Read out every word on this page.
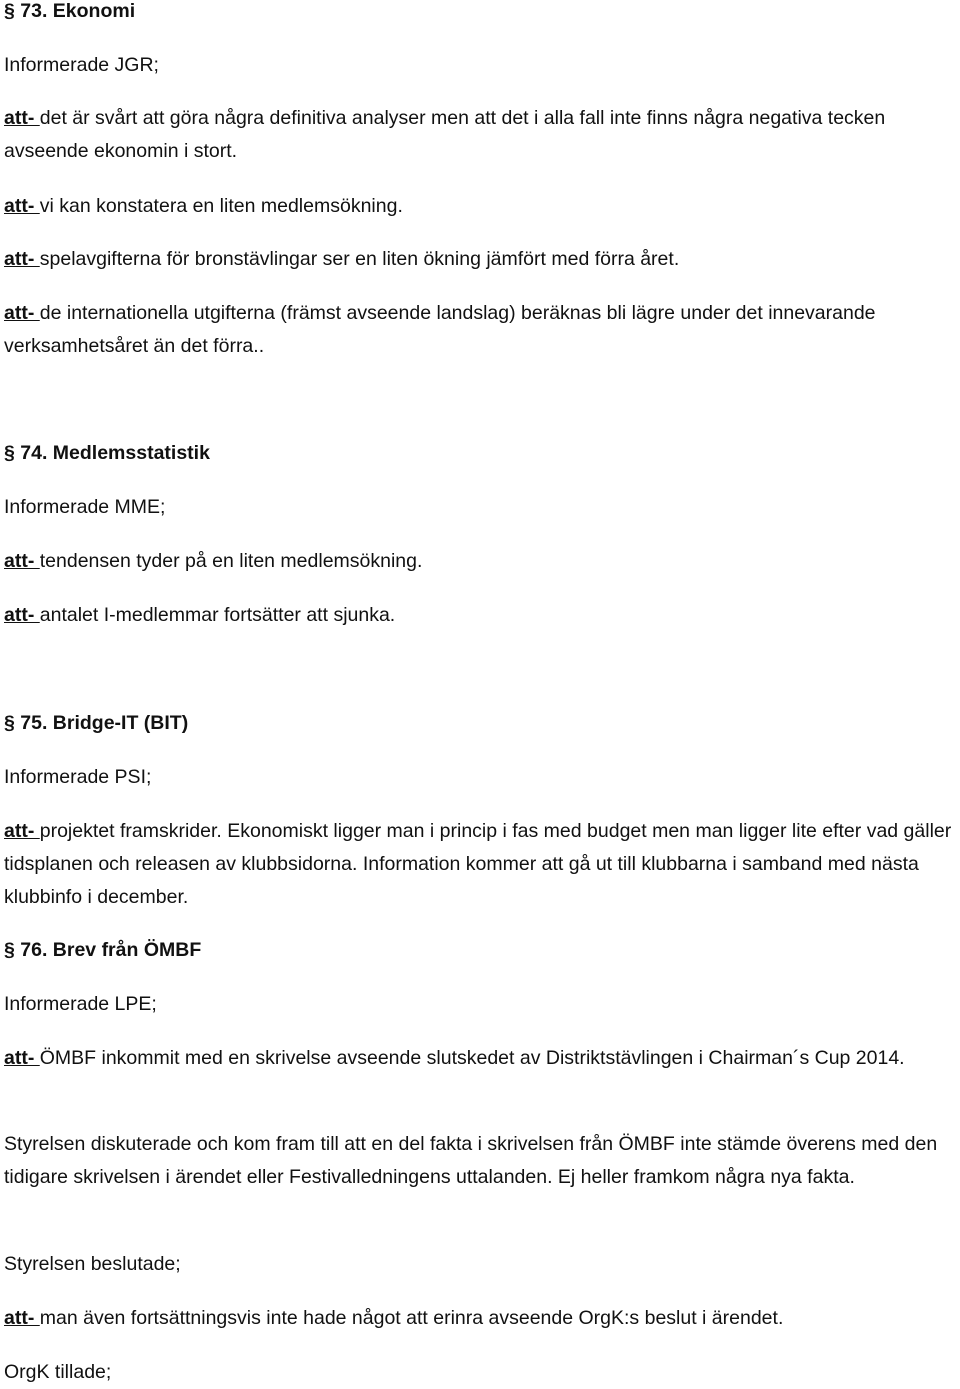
§ 73. Ekonomi
Informerade JGR;
att- det är svårt att göra några definitiva analyser men att det i alla fall inte finns några negativa tecken avseende ekonomin i stort.
att- vi kan konstatera en liten medlemsökning.
att- spelavgifterna för bronstävlingar ser en liten ökning jämfört med förra året.
att- de internationella utgifterna (främst avseende landslag) beräknas bli lägre under det innevarande verksamhetsåret än det förra..
§ 74. Medlemsstatistik
Informerade MME;
att- tendensen tyder på en liten medlemsökning.
att- antalet I-medlemmar fortsätter att sjunka.
§ 75. Bridge-IT (BIT)
Informerade PSI;
att- projektet framskrider. Ekonomiskt ligger man i princip i fas med budget men man ligger lite efter vad gäller tidsplanen och releasen av klubbsidorna. Information kommer att gå ut till klubbarna i samband med nästa klubbinfo i december.
§ 76. Brev från ÖMBF
Informerade LPE;
att- ÖMBF inkommit med en skrivelse avseende slutskedet av Distriktstävlingen i Chairman´s Cup 2014.
Styrelsen diskuterade och kom fram till att en del fakta i skrivelsen från ÖMBF inte stämde överens med den tidigare skrivelsen i ärendet eller Festivalledningens uttalanden. Ej heller framkom några nya fakta.
Styrelsen beslutade;
att- man även fortsättningsvis inte hade något att erinra avseende OrgK:s beslut i ärendet.
OrgK tillade;
